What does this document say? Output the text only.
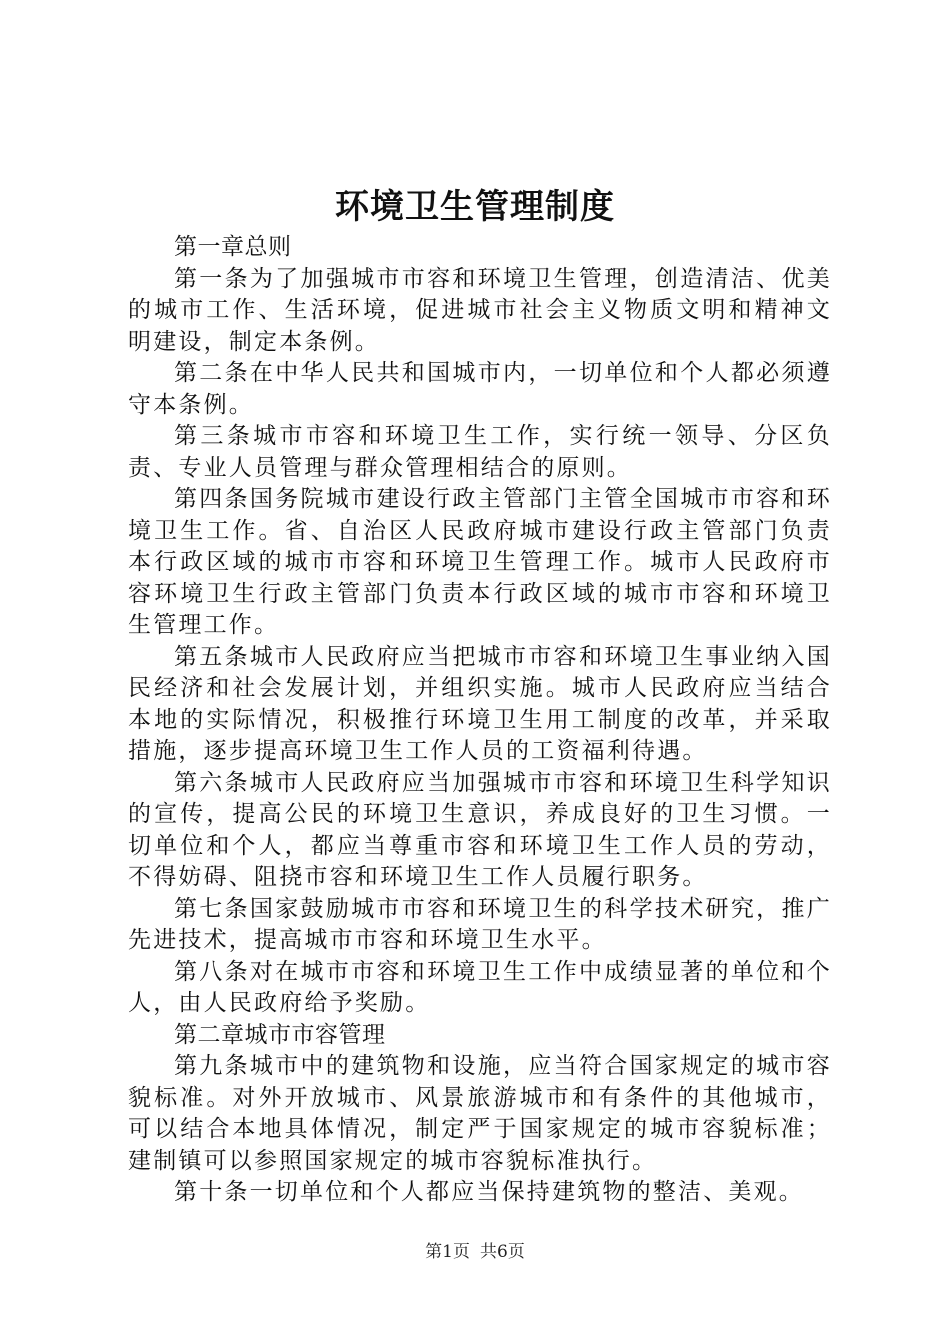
环境卫生管理制度

第一章总则

第一条为了加强城市市容和环境卫生管理，创造清洁、优美的城市工作、生活环境，促进城市社会主义物质文明和精神文明建设，制定本条例。

第二条在中华人民共和国城市内，一切单位和个人都必须遵守本条例。

第三条城市市容和环境卫生工作，实行统一领导、分区负责、专业人员管理与群众管理相结合的原则。

第四条国务院城市建设行政主管部门主管全国城市市容和环境卫生工作。省、自治区人民政府城市建设行政主管部门负责本行政区域的城市市容和环境卫生管理工作。城市人民政府市容环境卫生行政主管部门负责本行政区域的城市市容和环境卫生管理工作。

第五条城市人民政府应当把城市市容和环境卫生事业纳入国民经济和社会发展计划，并组织实施。城市人民政府应当结合本地的实际情况，积极推行环境卫生用工制度的改革，并采取措施，逐步提高环境卫生工作人员的工资福利待遇。

第六条城市人民政府应当加强城市市容和环境卫生科学知识的宣传，提高公民的环境卫生意识，养成良好的卫生习惯。一切单位和个人，都应当尊重市容和环境卫生工作人员的劳动，不得妨碍、阻挠市容和环境卫生工作人员履行职务。

第七条国家鼓励城市市容和环境卫生的科学技术研究，推广先进技术，提高城市市容和环境卫生水平。

第八条对在城市市容和环境卫生工作中成绩显著的单位和个人，由人民政府给予奖励。

第二章城市市容管理

第九条城市中的建筑物和设施，应当符合国家规定的城市容貌标准。对外开放城市、风景旅游城市和有条件的其他城市，可以结合本地具体情况，制定严于国家规定的城市容貌标准；建制镇可以参照国家规定的城市容貌标准执行。

第十条一切单位和个人都应当保持建筑物的整洁、美观。

第1页 共6页
